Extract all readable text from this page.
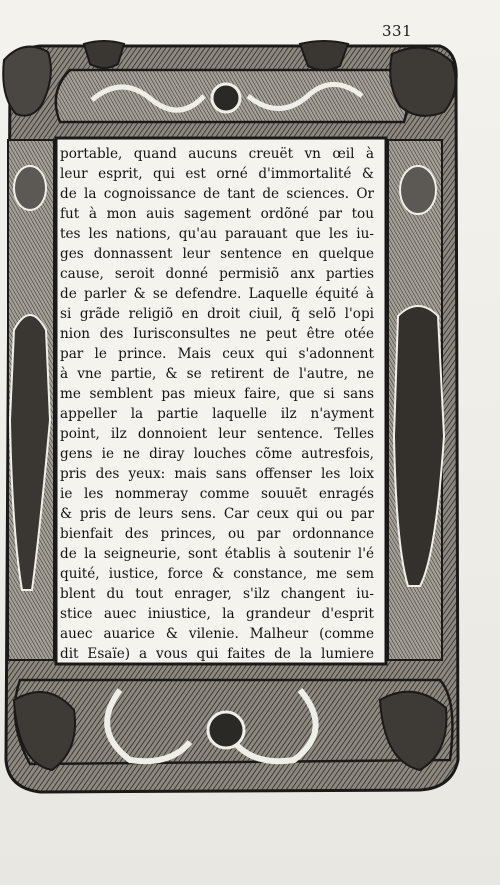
331
portable, quand aucuns creuët vn œil à
leur esprit, qui est orné d'immortalité &
de la cognoissance de tant de sciences. Or
fut à mon auis sagement ordõné par tou
tes les nations, qu'au parauant que les iu-
ges donnassent leur sentence en quelque
cause, seroit donné permisiõ anx parties
de parler & se defendre. Laquelle équité à
si grãde religiõ en droit ciuil, q̃ selõ l'opi
nion des Iurisconsultes ne peut être otée
par le prince. Mais ceux qui s'adonnent
à vne partie, & se retirent de l'autre, ne
me semblent pas mieux faire, que si sans
appeller la partie laquelle ilz n'ayment
point, ilz donnoient leur sentence. Telles
gens ie ne diray louches cõme autresfois,
pris des yeux: mais sans offenser les loix
ie les nommeray comme souuēt enragés
& pris de leurs sens. Car ceux qui ou par
bienfait des princes, ou par ordonnance
de la seigneurie, sont établis à soutenir l'é
quité, iustice, force & constance, me sem
blent du tout enrager, s'ilz changent iu-
stice auec iniustice, la grandeur d'esprit
auec auarice & vilenie. Malheur (comme
dit Esaïe) a vous qui faites de la lumiere
